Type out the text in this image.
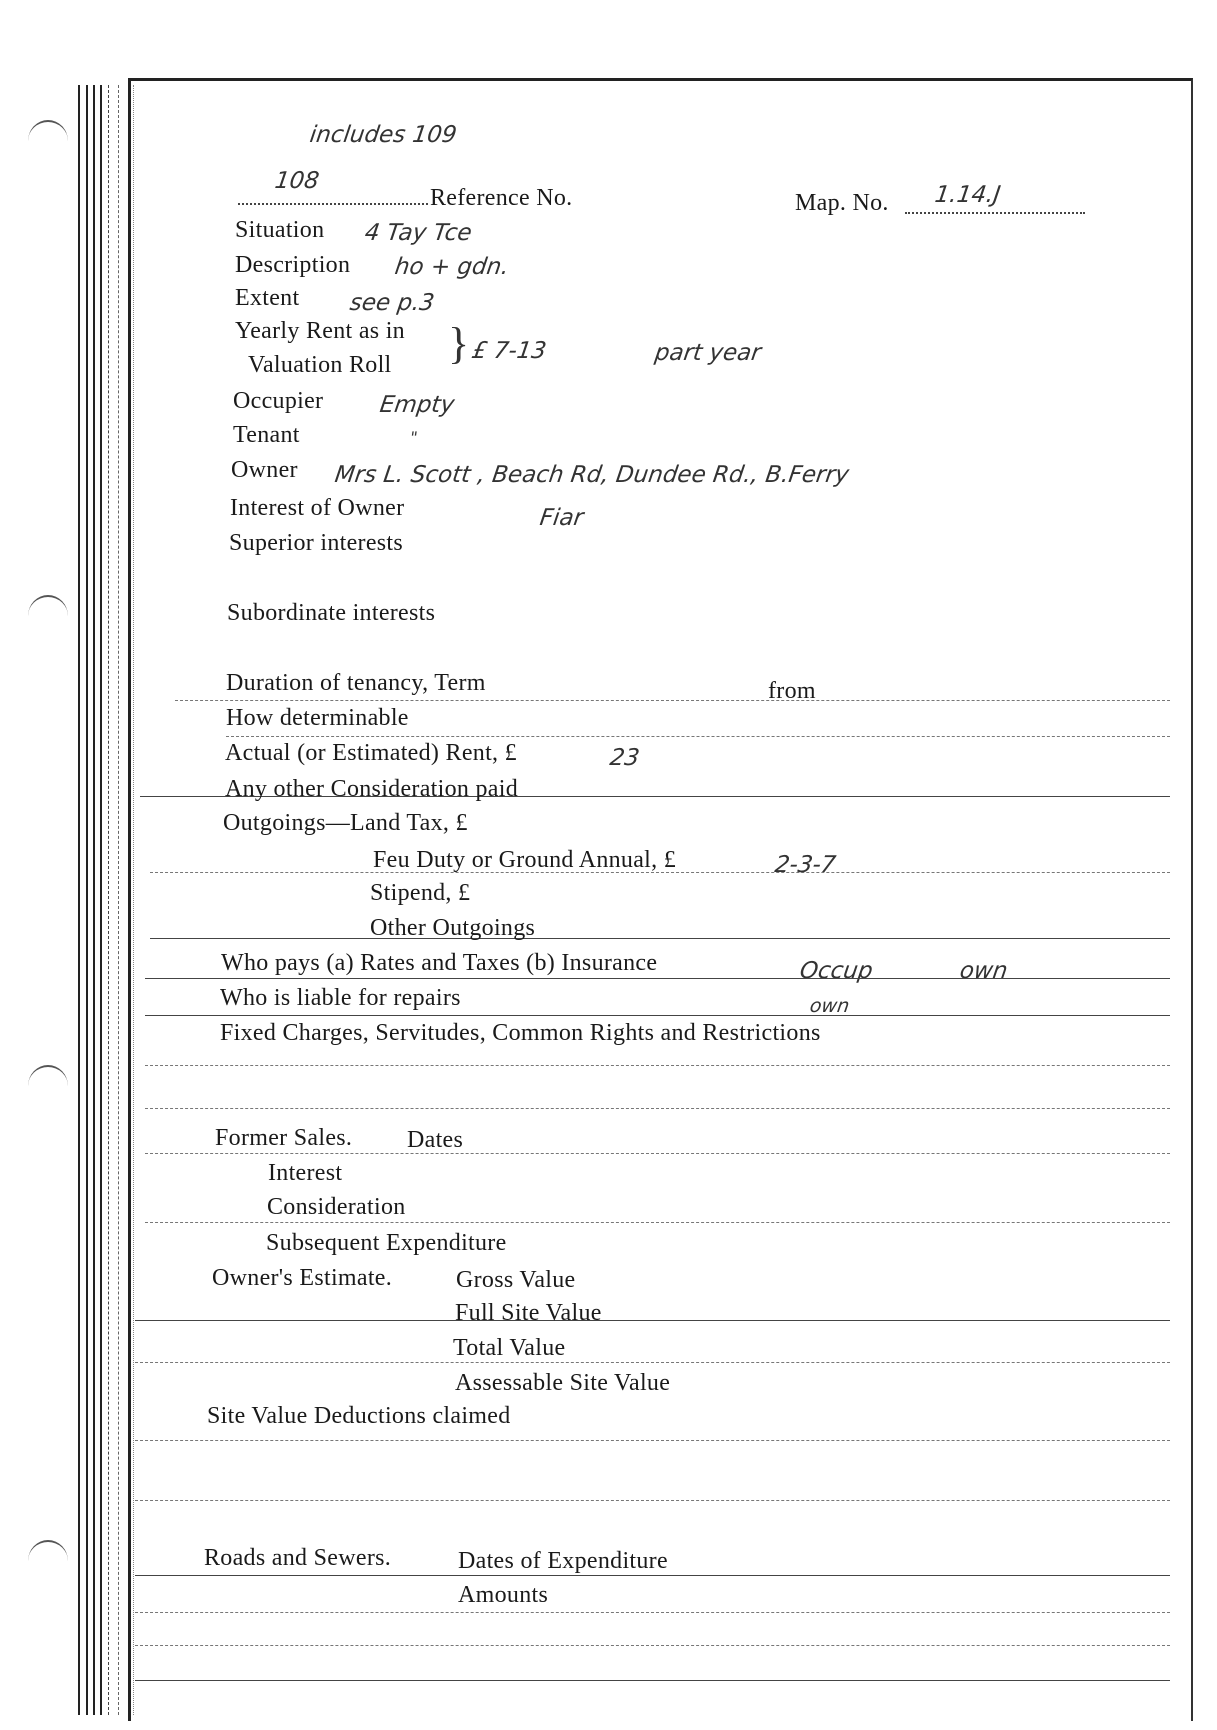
includes 109
108
Reference No.	Map. No. 1.14.J
Situation 4 Tay Tce
Description ho + gdn.
Extent see p.3
Yearly Rent as in
Valuation Roll } £ 7-13	part year
Occupier Empty
Tenant	"
Owner Mrs L. Scott , Beach Rd, Dundee Rd., B.Ferry
Interest of Owner	Fiar
Superior interests
Subordinate interests
Duration of tenancy, Term	from
How determinable
Actual (or Estimated) Rent, £	23
Any other Consideration paid
Outgoings—Land Tax, £
Feu Duty or Ground Annual, £	2-3-7
Stipend, £
Other Outgoings
Who pays (a) Rates and Taxes (b) Insurance	Occup	own
Who is liable for repairs	own
Fixed Charges, Servitudes, Common Rights and Restrictions
Former Sales. Dates
Interest
Consideration
Subsequent Expenditure
Owner's Estimate.	Gross Value
Full Site Value
Total Value
Assessable Site Value
Site Value Deductions claimed
Roads and Sewers.	Dates of Expenditure
Amounts
